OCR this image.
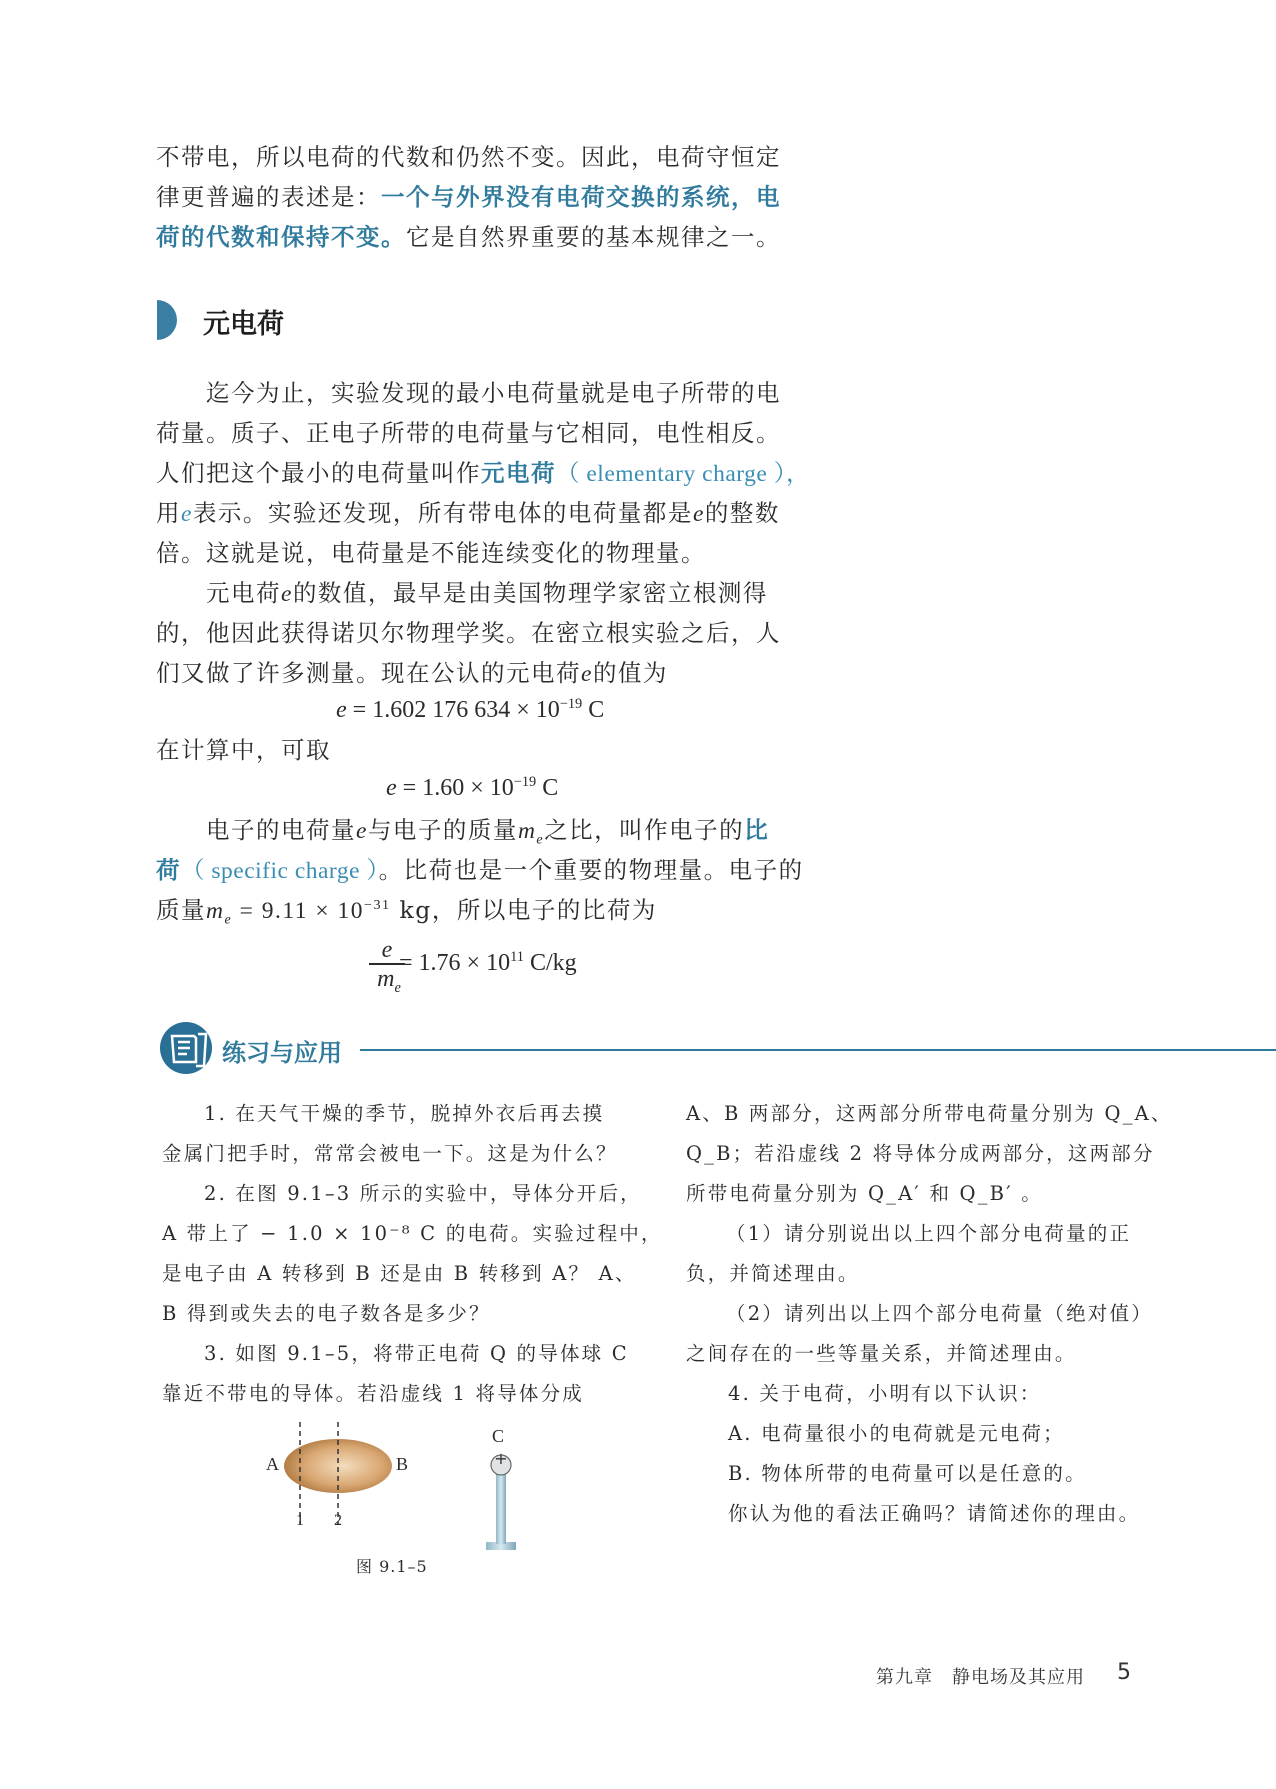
不带电，所以电荷的代数和仍然不变。因此，电荷守恒定
律更普遍的表述是：一个与外界没有电荷交换的系统，电
荷的代数和保持不变。它是自然界重要的基本规律之一。
元电荷
迄今为止，实验发现的最小电荷量就是电子所带的电
荷量。质子、正电子所带的电荷量与它相同，电性相反。
人们把这个最小的电荷量叫作元电荷（ elementary charge ），
用e表示。实验还发现，所有带电体的电荷量都是e的整数
倍。这就是说，电荷量是不能连续变化的物理量。
元电荷e的数值，最早是由美国物理学家密立根测得
的，他因此获得诺贝尔物理学奖。在密立根实验之后，人
们又做了许多测量。现在公认的元电荷e的值为
e = 1.602 176 $634 \times 10^{-19}$ C
在计算中，可取
$e = 1.60 \times 10^{-19}$ C
电子的电荷量e与电子的质量$m_e$之比，叫作电子的比
荷（ specific charge ）。比荷也是一个重要的物理量。电子的
质量$m_e = 9.11 \times 10^{-31}$ kg，所以电子的比荷为
e
$m_e$
= $1.76 \times 10^{11}$ C/kg
练习与应用
1. 在天气干燥的季节，脱掉外衣后再去摸
金属门把手时，常常会被电一下。这是为什么？
2. 在图 9.1–3 所示的实验中，导体分开后，
A 带上了 − 1.0 × 10⁻⁸ C 的电荷。实验过程中，
是电子由 A 转移到 B 还是由 B 转移到 A？ A、
B 得到或失去的电子数各是多少？
3. 如图 9.1–5，将带正电荷 Q 的导体球 C
靠近不带电的导体。若沿虚线 1 将导体分成
A	B
C
1 2
+
图 9.1–5
A、B 两部分，这两部分所带电荷量分别为 Q_A、
Q_B；若沿虚线 2 将导体分成两部分，这两部分
所带电荷量分别为 Q_A′ 和 Q_B′ 。
（1）请分别说出以上四个部分电荷量的正
负，并简述理由。
（2）请列出以上四个部分电荷量（绝对值）
之间存在的一些等量关系，并简述理由。
4. 关于电荷，小明有以下认识：
A. 电荷量很小的电荷就是元电荷；
B. 物体所带的电荷量可以是任意的。
你认为他的看法正确吗？请简述你的理由。
第九章　静电场及其应用 5
